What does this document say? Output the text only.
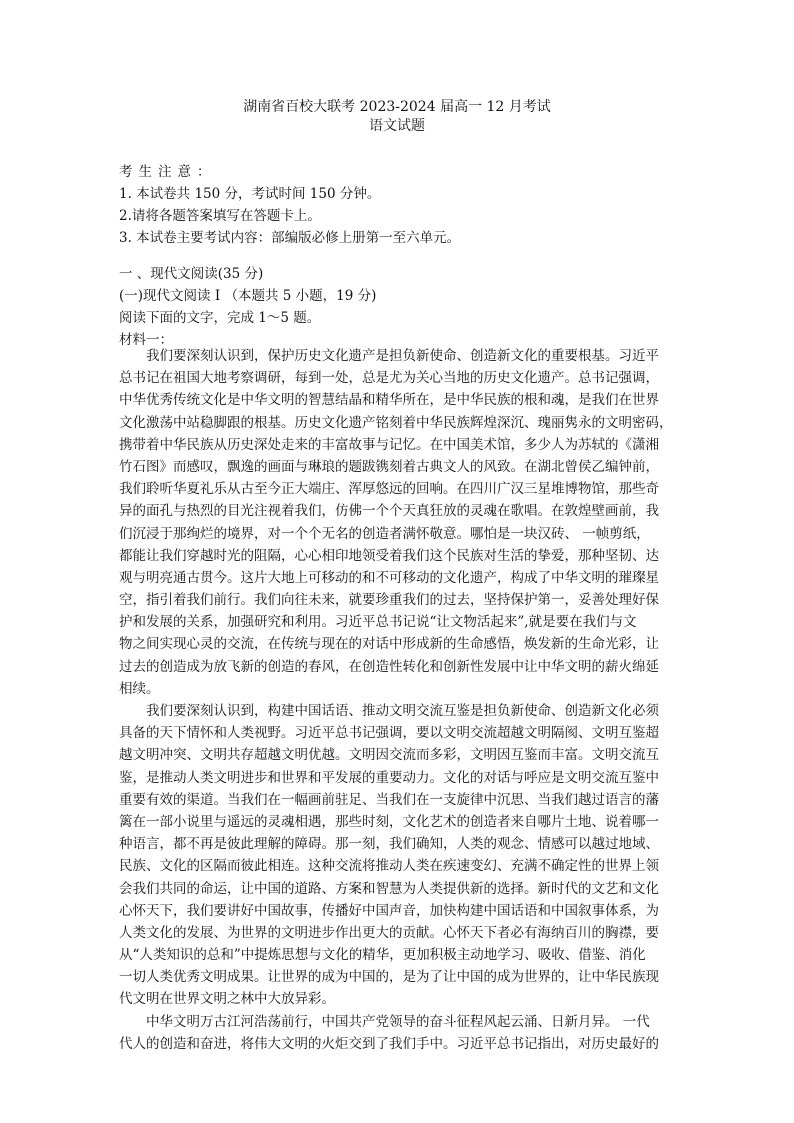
湖南省百校大联考 2023-2024 届高一 12 月考试

语文试题

考生注意：

1. 本试卷共 150 分，考试时间 150 分钟。

2.请将各题答案填写在答题卡上。

3. 本试卷主要考试内容：部编版必修上册第一至六单元。

一 、现代文阅读(35 分)

(一)现代文阅读 I （本题共 5 小题，19 分)

阅读下面的文字，完成 1～5 题。

材料一：

我们要深刻认识到，保护历史文化遗产是担负新使命、创造新文化的重要根基。习近平
总书记在祖国大地考察调研，每到一处，总是尤为关心当地的历史文化遗产。总书记强调，
中华优秀传统文化是中华文明的智慧结晶和精华所在，是中华民族的根和魂，是我们在世界
文化激荡中站稳脚跟的根基。历史文化遗产铭刻着中华民族辉煌深沉、瑰丽隽永的文明密码，
携带着中华民族从历史深处走来的丰富故事与记忆。在中国美术馆，多少人为苏轼的《潇湘
竹石图》而感叹，飘逸的画面与琳琅的题跋镌刻着古典文人的风致。在湖北曾侯乙编钟前，
我们聆听华夏礼乐从古至今正大端庄、浑厚悠远的回响。在四川广汉三星堆博物馆，那些奇
异的面孔与热烈的目光注视着我们，仿佛一个个天真狂放的灵魂在歌唱。在敦煌壁画前，我
们沉浸于那绚烂的境界，对一个个无名的创造者满怀敬意。哪怕是一块汉砖、 一帧剪纸，
都能让我们穿越时光的阻隔，心心相印地领受着我们这个民族对生活的挚爱，那种坚韧、达
观与明亮通古贯今。这片大地上可移动的和不可移动的文化遗产，构成了中华文明的璀璨星
空，指引着我们前行。我们向往未来，就要珍重我们的过去，坚持保护第一，妥善处理好保
护和发展的关系，加强研究和利用。习近平总书记说“让文物活起来”,就是要在我们与文
物之间实现心灵的交流，在传统与现在的对话中形成新的生命感悟，焕发新的生命光彩，让
过去的创造成为放飞新的创造的春风，在创造性转化和创新性发展中让中华文明的薪火绵延
相续。
我们要深刻认识到，构建中国话语、推动文明交流互鉴是担负新使命、创造新文化必须
具备的天下情怀和人类视野。习近平总书记强调，要以文明交流超越文明隔阂、文明互鉴超
越文明冲突、文明共存超越文明优越。文明因交流而多彩，文明因互鉴而丰富。文明交流互
鉴，是推动人类文明进步和世界和平发展的重要动力。文化的对话与呼应是文明交流互鉴中
重要有效的渠道。当我们在一幅画前驻足、当我们在一支旋律中沉思、当我们越过语言的藩
篱在一部小说里与遥远的灵魂相遇，那些时刻，文化艺术的创造者来自哪片土地、说着哪一
种语言，都不再是彼此理解的障碍。那一刻，我们确知，人类的观念、情感可以越过地域、
民族、文化的区隔而彼此相连。这种交流将推动人类在疾速变幻、充满不确定性的世界上领
会我们共同的命运，让中国的道路、方案和智慧为人类提供新的选择。新时代的文艺和文化
心怀天下，我们要讲好中国故事，传播好中国声音，加快构建中国话语和中国叙事体系，为
人类文化的发展、为世界的文明进步作出更大的贡献。心怀天下者必有海纳百川的胸襟，要
从“人类知识的总和”中提炼思想与文化的精华，更加积极主动地学习、吸收、借鉴、消化
一切人类优秀文明成果。让世界的成为中国的，是为了让中国的成为世界的，让中华民族现
代文明在世界文明之林中大放异彩。
中华文明万古江河浩荡前行，中国共产党领导的奋斗征程风起云涌、日新月异。 一代
代人的创造和奋进，将伟大文明的火炬交到了我们手中。习近平总书记指出，对历史最好的
